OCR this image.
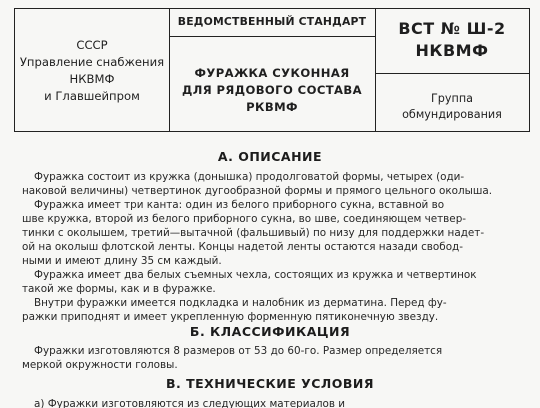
СССР
Управление снабжения
НКВМФ
и Главшейпром
ВЕДОМСТВЕННЫЙ СТАНДАРТ
ФУРАЖКА СУКОННАЯ
ДЛЯ РЯДОВОГО СОСТАВА
РКВМФ
ВСТ № Ш-2
НКВМФ
Группа
обмундирования
А. ОПИСАНИЕ
Фуражка состоит из кружка (донышка) продолговатой формы, четырех (оди-
наковой величины) четвертинок дугообразной формы и прямого цельного околыша.
Фуражка имеет три канта: один из белого приборного сукна, вставной во
шве кружка, второй из белого приборного сукна, во шве, соединяющем четвер-
тинки с околышем, третий—вытачной (фальшивый) по низу для поддержки надет-
ой на околыш флотской ленты. Концы надетой ленты остаются назади свобод-
ными и имеют длину 35 см каждый.
Фуражка имеет два белых съемных чехла, состоящих из кружка и четвертинок
такой же формы, как и в фуражке.
Внутри фуражки имеется подкладка и налобник из дерматина. Перед фу-
ражки приподнят и имеет укрепленную форменную пятиконечную звезду.
Б. КЛАССИФИКАЦИЯ
Фуражки изготовляются 8 размеров от 53 до 60-го. Размер определяется
меркой окружности головы.
В. ТЕХНИЧЕСКИЕ УСЛОВИЯ
а) Фуражки изготовляются из следующих материалов и
